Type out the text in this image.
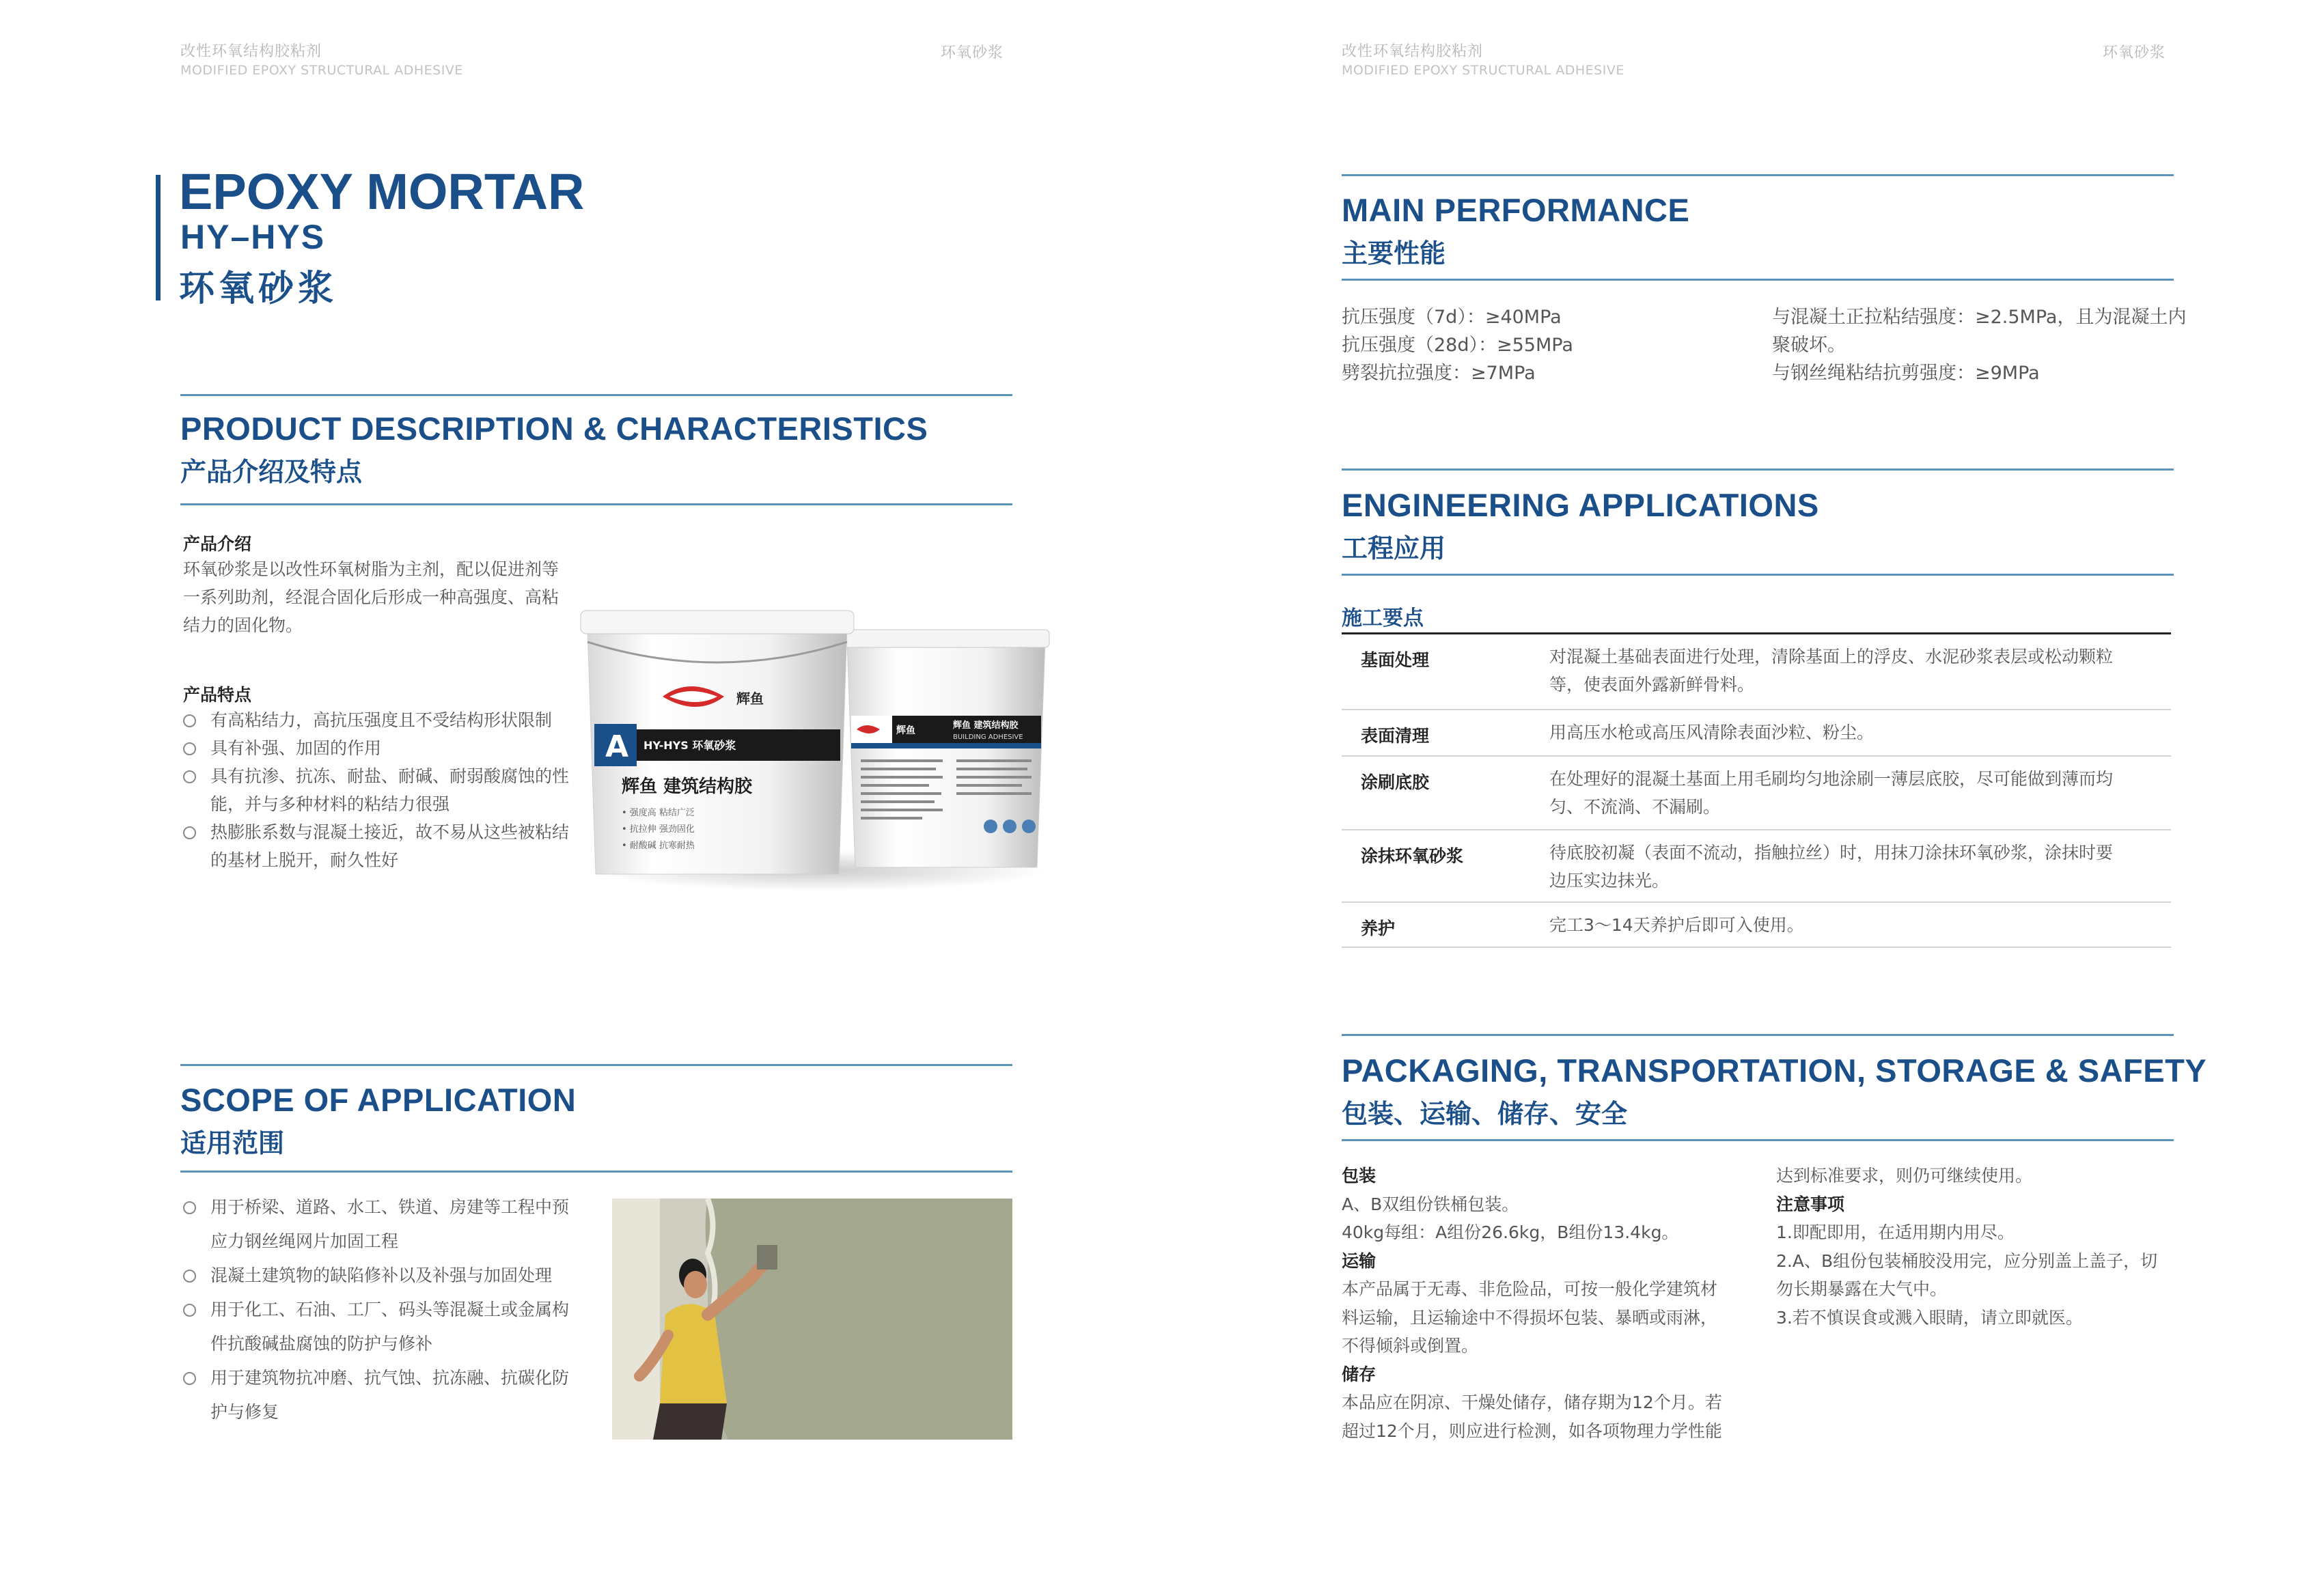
改性环氧结构胶粘剂
MODIFIED EPOXY STRUCTURAL ADHESIVE
环氧砂浆
EPOXY MORTAR
HY–HYS
环氧砂浆
PRODUCT DESCRIPTION & CHARACTERISTICS
产品介绍及特点
产品介绍
环氧砂浆是以改性环氧树脂为主剂，配以促进剂等
一系列助剂，经混合固化后形成一种高强度、高粘
结力的固化物。
产品特点
有高粘结力，高抗压强度且不受结构形状限制
具有补强、加固的作用
具有抗渗、抗冻、耐盐、耐碱、耐弱酸腐蚀的性
能，并与多种材料的粘结力很强
热膨胀系数与混凝土接近，故不易从这些被粘结
的基材上脱开，耐久性好
辉鱼	辉鱼 建筑结构胶
BUILDING ADHESIVE
辉鱼
A HY-HYS 环氧砂浆
辉鱼 建筑结构胶
• 强度高 粘结广泛
• 抗拉伸 强劲固化
• 耐酸碱 抗寒耐热
SCOPE OF APPLICATION
适用范围
用于桥梁、道路、水工、铁道、房建等工程中预
应力钢丝绳网片加固工程
混凝土建筑物的缺陷修补以及补强与加固处理
用于化工、石油、工厂、码头等混凝土或金属构
件抗酸碱盐腐蚀的防护与修补
用于建筑物抗冲磨、抗气蚀、抗冻融、抗碳化防
护与修复
改性环氧结构胶粘剂
MODIFIED EPOXY STRUCTURAL ADHESIVE
环氧砂浆
MAIN PERFORMANCE
主要性能
抗压强度（7d）：≥40MPa
抗压强度（28d）：≥55MPa
劈裂抗拉强度：≥7MPa
与混凝土正拉粘结强度：≥2.5MPa，且为混凝土内
聚破坏。
与钢丝绳粘结抗剪强度：≥9MPa
ENGINEERING APPLICATIONS
工程应用
施工要点
基面处理	对混凝土基础表面进行处理，清除基面上的浮皮、水泥砂浆表层或松动颗粒
等，使表面外露新鲜骨料。

表面清理	用高压水枪或高压风清除表面沙粒、粉尘。

涂刷底胶	在处理好的混凝土基面上用毛刷均匀地涂刷一薄层底胶，尽可能做到薄而均
匀、不流淌、不漏刷。

涂抹环氧砂浆	待底胶初凝（表面不流动，指触拉丝）时，用抹刀涂抹环氧砂浆，涂抹时要
边压实边抹光。

养护	完工3～14天养护后即可入使用。
PACKAGING, TRANSPORTATION, STORAGE & SAFETY
包装、运输、储存、安全
包装
A、B双组份铁桶包装。
40kg每组：A组份26.6kg，B组份13.4kg。
运输
本产品属于无毒、非危险品，可按一般化学建筑材
料运输，且运输途中不得损坏包装、暴晒或雨淋，
不得倾斜或倒置。
储存
本品应在阴凉、干燥处储存，储存期为12个月。若
超过12个月，则应进行检测，如各项物理力学性能
达到标准要求，则仍可继续使用。
注意事项
1.即配即用，在适用期内用尽。
2.A、B组份包装桶胶没用完，应分别盖上盖子，切
勿长期暴露在大气中。
3.若不慎误食或溅入眼睛，请立即就医。
